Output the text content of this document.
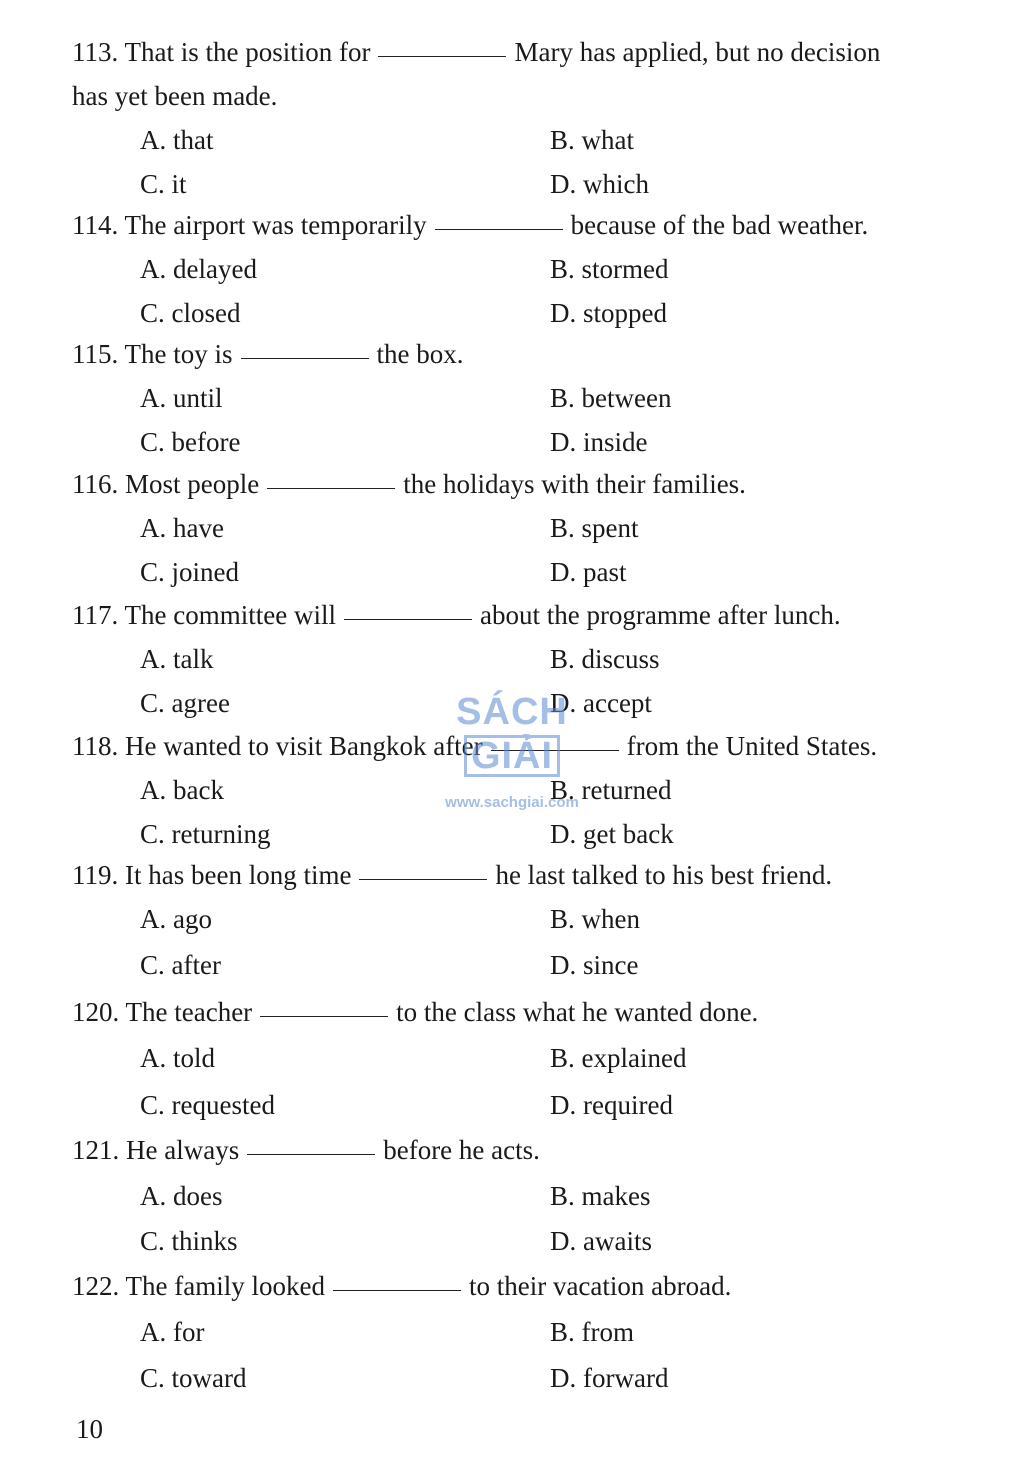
113. That is the position for	Mary has applied, but no decision
has yet been made.
A. that	B. what
C. it	D. which
114. The airport was temporarily	because of the bad weather.
A. delayed	B. stormed
C. closed	D. stopped
115. The toy is	the box.
A. until	B. between
C. before	D. inside
116. Most people	the holidays with their families.
A. have	B. spent
C. joined	D. past
117. The committee will	about the programme after lunch.
A. talk	B. discuss
C. agree	D. accept
118. He wanted to visit Bangkok after	from the United States.
A. back	B. returned
C. returning	D. get back
119. It has been long time	he last talked to his best friend.
A. ago	B. when
C. after	D. since
120. The teacher	to the class what he wanted done.
A. told	B. explained
C. requested	D. required
121. He always	before he acts.
A. does	B. makes
C. thinks	D. awaits
122. The family looked	to their vacation abroad.
A. for	B. from
C. toward	D. forward
SÁCHGIẢI
www.sachgiai.com
10
